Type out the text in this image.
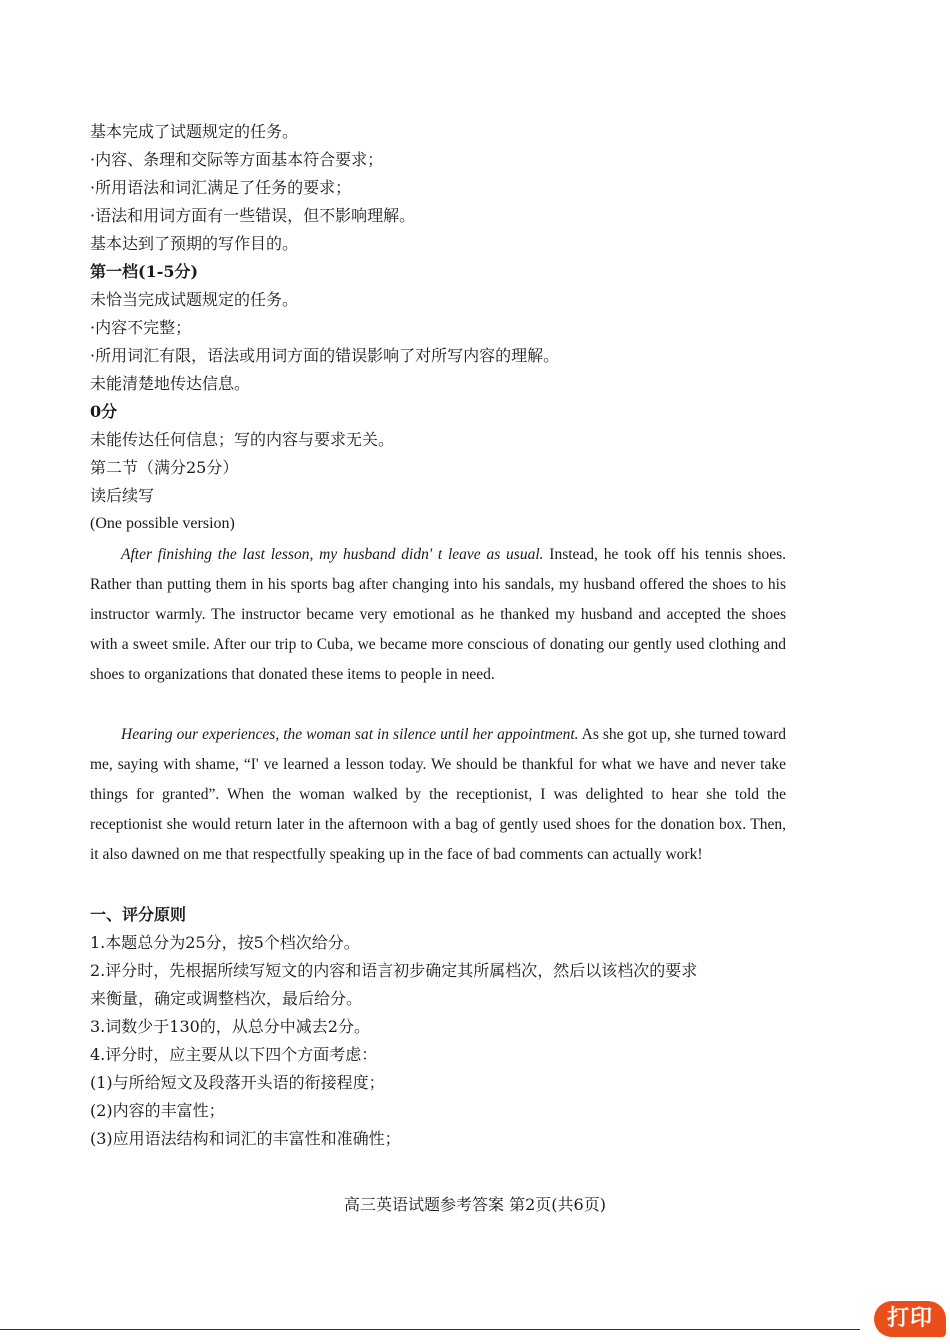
基本完成了试题规定的任务。
·内容、条理和交际等方面基本符合要求；
·所用语法和词汇满足了任务的要求；
·语法和用词方面有一些错误，但不影响理解。
基本达到了预期的写作目的。
第一档(1-5分)
未恰当完成试题规定的任务。
·内容不完整；
·所用词汇有限，语法或用词方面的错误影响了对所写内容的理解。
未能清楚地传达信息。
0分
未能传达任何信息；写的内容与要求无关。
第二节（满分25分）
读后续写
(One possible version)

After finishing the last lesson, my husband didn' t leave as usual. Instead, he took off his tennis shoes. Rather than putting them in his sports bag after changing into his sandals, my husband offered the shoes to his instructor warmly. The instructor became very emotional as he thanked my husband and accepted the shoes with a sweet smile. After our trip to Cuba, we became more conscious of donating our gently used clothing and shoes to organizations that donated these items to people in need.

Hearing our experiences, the woman sat in silence until her appointment. As she got up, she turned toward me, saying with shame, “I' ve learned a lesson today. We should be thankful for what we have and never take things for granted”. When the woman walked by the receptionist, I was delighted to hear she told the receptionist she would return later in the afternoon with a bag of gently used shoes for the donation box. Then, it also dawned on me that respectfully speaking up in the face of bad comments can actually work!

一、评分原则
1.本题总分为25分，按5个档次给分。
2.评分时，先根据所续写短文的内容和语言初步确定其所属档次，然后以该档次的要求
来衡量，确定或调整档次，最后给分。
3.词数少于130的，从总分中减去2分。
4.评分时，应主要从以下四个方面考虑：
(1)与所给短文及段落开头语的衔接程度；
(2)内容的丰富性；
(3)应用语法结构和词汇的丰富性和准确性；
高三英语试题参考答案 第2页(共6页)
打印
